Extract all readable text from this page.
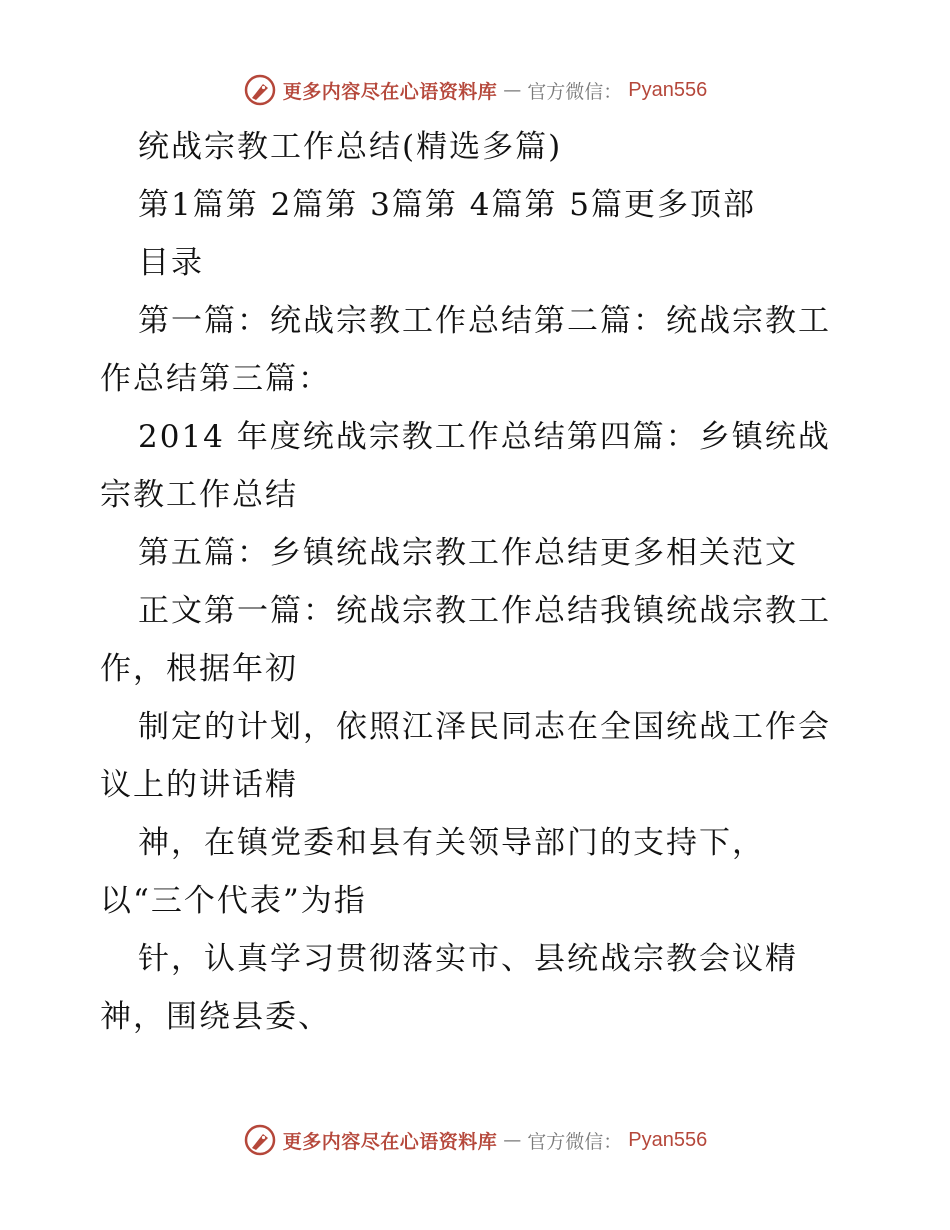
更多内容尽在心语资料库 — 官方微信： Pyan556
统战宗教工作总结(精选多篇)
第1篇第 2篇第 3篇第 4篇第 5篇更多顶部
目录
第一篇：统战宗教工作总结第二篇：统战宗教工
作总结第三篇：
2014 年度统战宗教工作总结第四篇：乡镇统战
宗教工作总结
第五篇：乡镇统战宗教工作总结更多相关范文
正文第一篇：统战宗教工作总结我镇统战宗教工
作，根据年初
制定的计划，依照江泽民同志在全国统战工作会
议上的讲话精
神，在镇党委和县有关领导部门的支持下，
以“三个代表”为指
针，认真学习贯彻落实市、县统战宗教会议精
神，围绕县委、
更多内容尽在心语资料库 — 官方微信： Pyan556
